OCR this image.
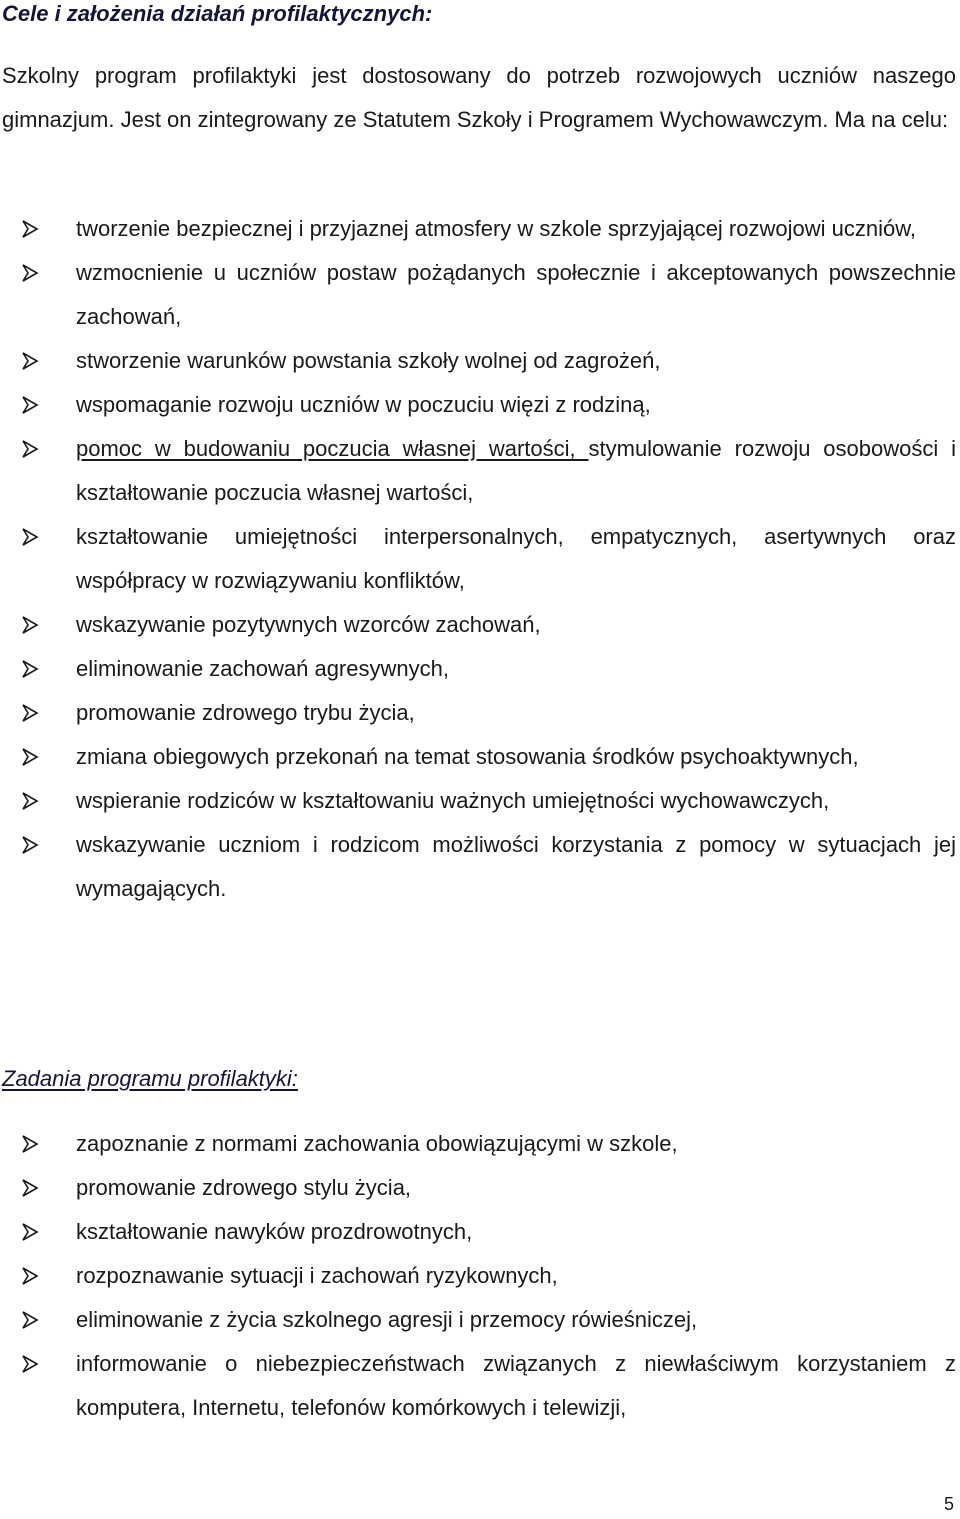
Cele i założenia działań profilaktycznych:

Szkolny program profilaktyki jest dostosowany do potrzeb rozwojowych uczniów naszego gimnazjum. Jest on zintegrowany ze Statutem Szkoły i Programem Wychowawczym. Ma na celu:

tworzenie bezpiecznej i przyjaznej atmosfery w szkole sprzyjającej rozwojowi uczniów,
wzmocnienie u uczniów postaw pożądanych społecznie i akceptowanych powszechnie zachowań,
stworzenie warunków powstania szkoły wolnej od zagrożeń,
wspomaganie rozwoju uczniów w poczuciu więzi z rodziną,
pomoc w budowaniu poczucia własnej wartości, stymulowanie rozwoju osobowości i kształtowanie poczucia własnej wartości,
kształtowanie umiejętności interpersonalnych, empatycznych, asertywnych oraz współpracy w rozwiązywaniu konfliktów,
wskazywanie pozytywnych wzorców zachowań,
eliminowanie zachowań agresywnych,
promowanie zdrowego trybu życia,
zmiana obiegowych przekonań na temat stosowania środków psychoaktywnych,
wspieranie rodziców w kształtowaniu ważnych umiejętności wychowawczych,
wskazywanie uczniom i rodzicom możliwości korzystania z pomocy w sytuacjach jej wymagających.
Zadania programu profilaktyki:
zapoznanie z normami zachowania obowiązującymi w szkole,
promowanie zdrowego stylu życia,
kształtowanie nawyków prozdrowotnych,
rozpoznawanie sytuacji i zachowań ryzykownych,
eliminowanie z życia szkolnego agresji i przemocy rówieśniczej,
informowanie o niebezpieczeństwach związanych z niewłaściwym korzystaniem z komputera, Internetu, telefonów komórkowych i telewizji,
5
